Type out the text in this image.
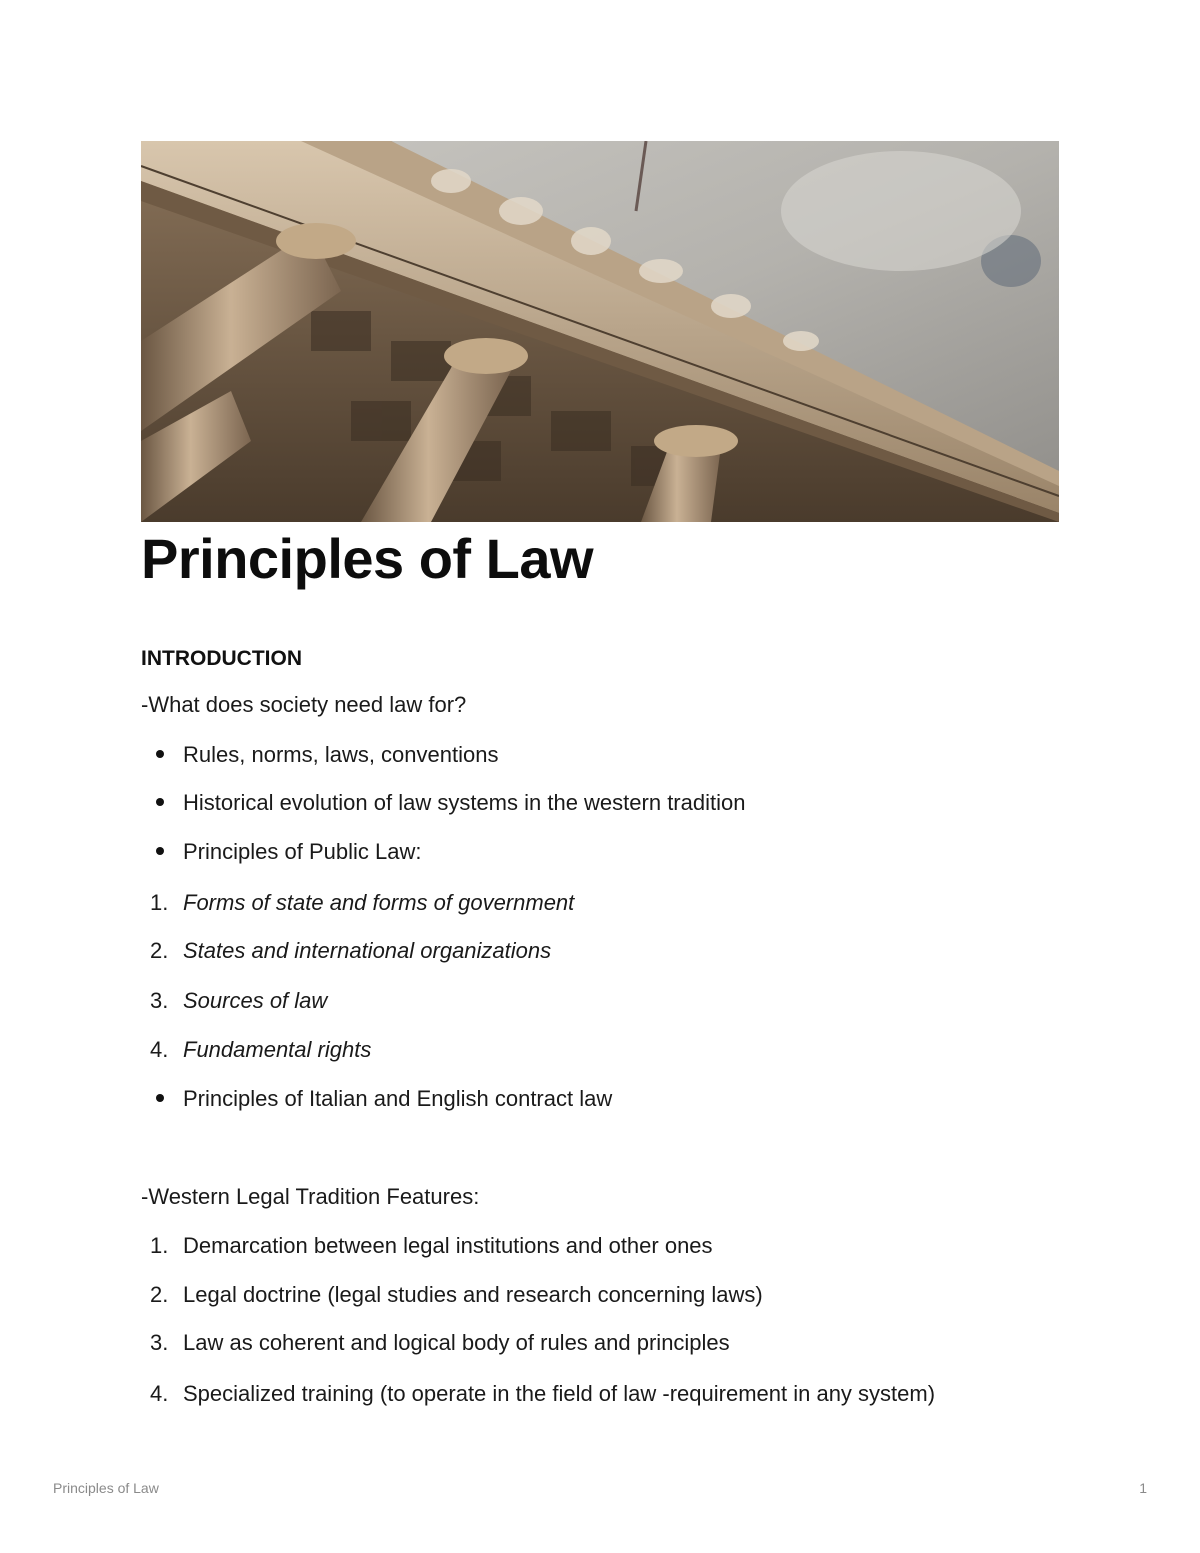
Principles of Law
INTRODUCTION

-What does society need law for?

Rules, norms, laws, conventions
Historical evolution of law systems in the western tradition
Principles of Public Law:
1. Forms of state and forms of government
2. States and international organizations
3. Sources of law
4. Fundamental rights
Principles of Italian and English contract law

-Western Legal Tradition Features:

1. Demarcation between legal institutions and other ones
2. Legal doctrine (legal studies and research concerning laws)
3. Law as coherent and logical body of rules and principles
4. Specialized training (to operate in the field of law -requirement in any system)
Principles of Law	1
